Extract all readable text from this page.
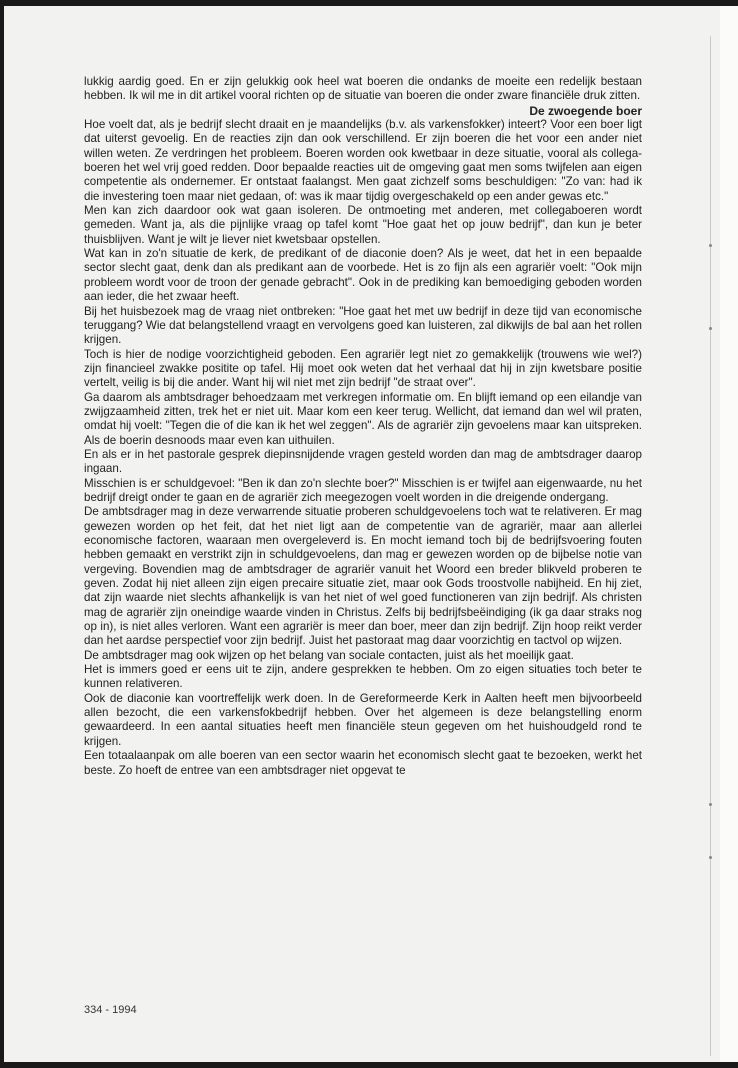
lukkig aardig goed. En er zijn gelukkig ook heel wat boeren die ondanks de moeite een redelijk bestaan hebben. Ik wil me in dit artikel vooral richten op de situatie van boeren die onder zware financiële druk zitten.

De zwoegende boer

Hoe voelt dat, als je bedrijf slecht draait en je maandelijks (b.v. als varkensfokker) inteert? Voor een boer ligt dat uiterst gevoelig. En de reacties zijn dan ook verschillend. Er zijn boeren die het voor een ander niet willen weten. Ze verdringen het probleem. Boeren worden ook kwetbaar in deze situatie, vooral als collega-boeren het wel vrij goed redden. Door bepaalde reacties uit de omgeving gaat men soms twijfelen aan eigen competentie als ondernemer. Er ontstaat faalangst. Men gaat zichzelf soms beschuldigen: "Zo van: had ik die investering toen maar niet gedaan, of: was ik maar tijdig overgeschakeld op een ander gewas etc."

Men kan zich daardoor ook wat gaan isoleren. De ontmoeting met anderen, met collegaboeren wordt gemeden. Want ja, als die pijnlijke vraag op tafel komt "Hoe gaat het op jouw bedrijf", dan kun je beter thuisblijven. Want je wilt je liever niet kwetsbaar opstellen.

Wat kan in zo'n situatie de kerk, de predikant of de diaconie doen? Als je weet, dat het in een bepaalde sector slecht gaat, denk dan als predikant aan de voorbede. Het is zo fijn als een agrariër voelt: "Ook mijn probleem wordt voor de troon der genade gebracht". Ook in de prediking kan bemoediging geboden worden aan ieder, die het zwaar heeft.

Bij het huisbezoek mag de vraag niet ontbreken: "Hoe gaat het met uw bedrijf in deze tijd van economische teruggang? Wie dat belangstellend vraagt en vervolgens goed kan luisteren, zal dikwijls de bal aan het rollen krijgen.

Toch is hier de nodige voorzichtigheid geboden. Een agrariër legt niet zo gemakkelijk (trouwens wie wel?) zijn financieel zwakke positite op tafel. Hij moet ook weten dat het verhaal dat hij in zijn kwetsbare positie vertelt, veilig is bij die ander. Want hij wil niet met zijn bedrijf "de straat over".

Ga daarom als ambtsdrager behoedzaam met verkregen informatie om. En blijft iemand op een eilandje van zwijgzaamheid zitten, trek het er niet uit. Maar kom een keer terug. Wellicht, dat iemand dan wel wil praten, omdat hij voelt: "Tegen die of die kan ik het wel zeggen". Als de agrariër zijn gevoelens maar kan uitspreken. Als de boerin desnoods maar even kan uithuilen.

En als er in het pastorale gesprek diepinsnijdende vragen gesteld worden dan mag de ambtsdrager daarop ingaan.

Misschien is er schuldgevoel: "Ben ik dan zo'n slechte boer?" Misschien is er twijfel aan eigenwaarde, nu het bedrijf dreigt onder te gaan en de agrariër zich meegezogen voelt worden in die dreigende ondergang.

De ambtsdrager mag in deze verwarrende situatie proberen schuldgevoelens toch wat te relativeren. Er mag gewezen worden op het feit, dat het niet ligt aan de competentie van de agrariër, maar aan allerlei economische factoren, waaraan men overgeleverd is. En mocht iemand toch bij de bedrijfsvoering fouten hebben gemaakt en verstrikt zijn in schuldgevoelens, dan mag er gewezen worden op de bijbelse notie van vergeving. Bovendien mag de ambtsdrager de agrariër vanuit het Woord een breder blikveld proberen te geven. Zodat hij niet alleen zijn eigen precaire situatie ziet, maar ook Gods troostvolle nabijheid. En hij ziet, dat zijn waarde niet slechts afhankelijk is van het niet of wel goed functioneren van zijn bedrijf. Als christen mag de agrariër zijn oneindige waarde vinden in Christus. Zelfs bij bedrijfsbeëindiging (ik ga daar straks nog op in), is niet alles verloren. Want een agrariër is meer dan boer, meer dan zijn bedrijf. Zijn hoop reikt verder dan het aardse perspectief voor zijn bedrijf. Juist het pastoraat mag daar voorzichtig en tactvol op wijzen.

De ambtsdrager mag ook wijzen op het belang van sociale contacten, juist als het moeilijk gaat.

Het is immers goed er eens uit te zijn, andere gesprekken te hebben. Om zo eigen situaties toch beter te kunnen relativeren.

Ook de diaconie kan voortreffelijk werk doen. In de Gereformeerde Kerk in Aalten heeft men bijvoorbeeld allen bezocht, die een varkensfokbedrijf hebben. Over het algemeen is deze belangstelling enorm gewaardeerd. In een aantal situaties heeft men financiële steun gegeven om het huishoudgeld rond te krijgen.

Een totaalaanpak om alle boeren van een sector waarin het economisch slecht gaat te bezoeken, werkt het beste. Zo hoeft de entree van een ambtsdrager niet opgevat te

334 - 1994
